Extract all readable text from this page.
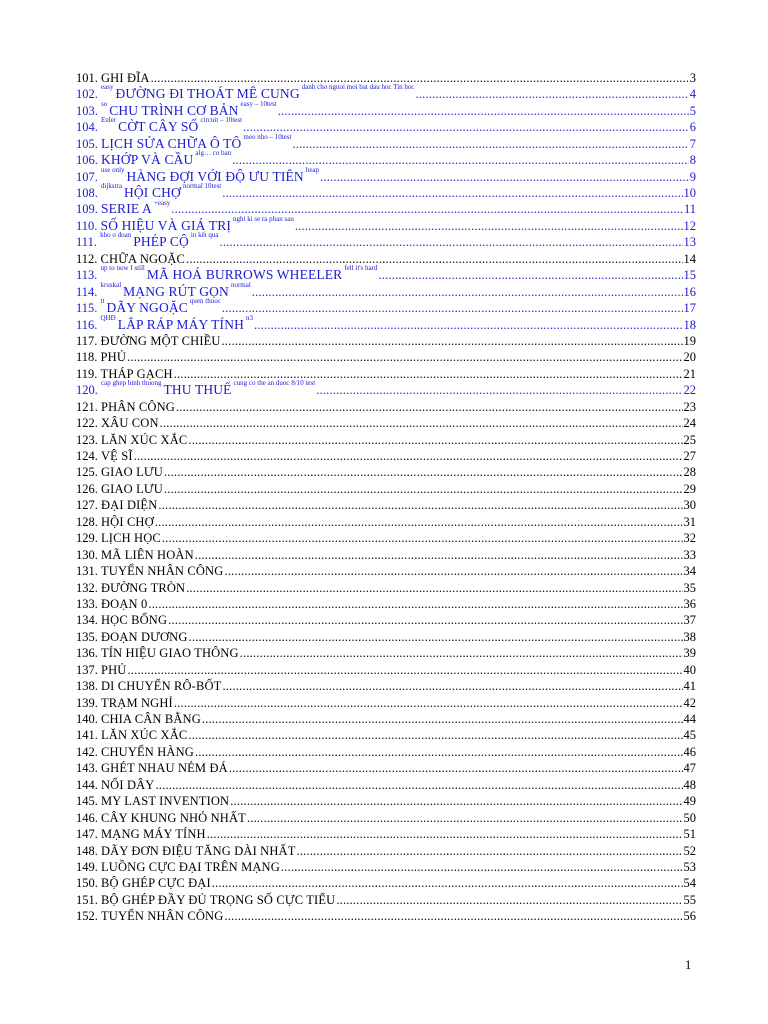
101.
GHI ĐĨA .....	3
102.
easy ĐƯỜNG ĐI THOÁT MÊ CUNG danh cho nguoi moi bat dau hoc Tin hoc .....	4
103.
so CHU TRÌNH CƠ BẢN easy – 10test .....	5
104.
Euler CỜT CÂY SỐ circuit – 10test .....	6
105.
LỊCH SỬA CHỮA Ô TÔ meo nho – 10test .....	7
106.
KHỚP VÀ CẦU alg… co ban .....	8
107.
use only HÀNG ĐỢI VỚI ĐỘ ƯU TIÊN heap .....	9
108.
dijkstra HỘI CHỢ normal 10test .....	10
109.
SERIE A +easy .....	11
110.
SỐ HIỆU VÀ GIÁ TRỊ nghi ki se ra phan sau .....	12
111.
kho o doan PHÉP CỘ in kết qua .....	13
112.
CHỮA NGOẶC .....	14
113.
up to now I still MÃ HOÁ BURROWS WHEELER fell it's hard .....	15
114.
kruskal MẠNG RÚT GỌN normal .....	16
115.
tt DÃY NGOẶC quen thuoc .....	17
116.
QHĐ LẮP RÁP MÁY TÍNH n3 .....	18
117.
ĐƯỜNG MỘT CHIỀU .....	19
118.
PHỦ .....	20
119.
THÁP GẠCH .....	21
120.
cap ghep binh thuong THU THUẾ cung co the an duoc 8/10 test .....	22
121.
PHÂN CÔNG .....	23
122.
XÂU CON .....	24
123.
LĂN XÚC XẮC .....	25
124.
VỆ SĨ .....	27
125.
GIAO LƯU .....	28
126.
GIAO LƯU .....	29
127.
ĐẠI DIỆN .....	30
128.
HỘI CHỢ .....	31
129.
LỊCH HỌC .....	32
130.
MÃ LIÊN HOÀN .....	33
131.
TUYỂN NHÂN CÔNG .....	34
132.
ĐƯỜNG TRÒN .....	35
133.
ĐOẠN 0 .....	36
134.
HỌC BỔNG .....	37
135.
ĐOẠN DƯƠNG .....	38
136.
TÍN HIỆU GIAO THÔNG .....	39
137.
PHỦ .....	40
138.
DI CHUYỂN RÔ-BỐT .....	41
139.
TRẠM NGHỈ .....	42
140.
CHIA CÂN BẰNG .....	44
141.
LĂN XÚC XẮC .....	45
142.
CHUYỂN HÀNG .....	46
143.
GHÉT NHAU NÉM ĐÁ .....	47
144.
NỐI DÂY .....	48
145.
MY LAST INVENTION .....	49
146.
CÂY KHUNG NHỎ NHẤT .....	50
147.
MẠNG MÁY TÍNH .....	51
148.
DÃY ĐƠN ĐIỆU TĂNG DÀI NHẤT .....	52
149.
LUỒNG CỰC ĐẠI TRÊN MẠNG .....	53
150.
BỘ GHÉP CỰC ĐẠI .....	54
151.
BỘ GHÉP ĐẦY ĐỦ TRỌNG SỐ CỰC TIỂU .....	55
152.
TUYỂN NHÂN CÔNG .....	56
1
